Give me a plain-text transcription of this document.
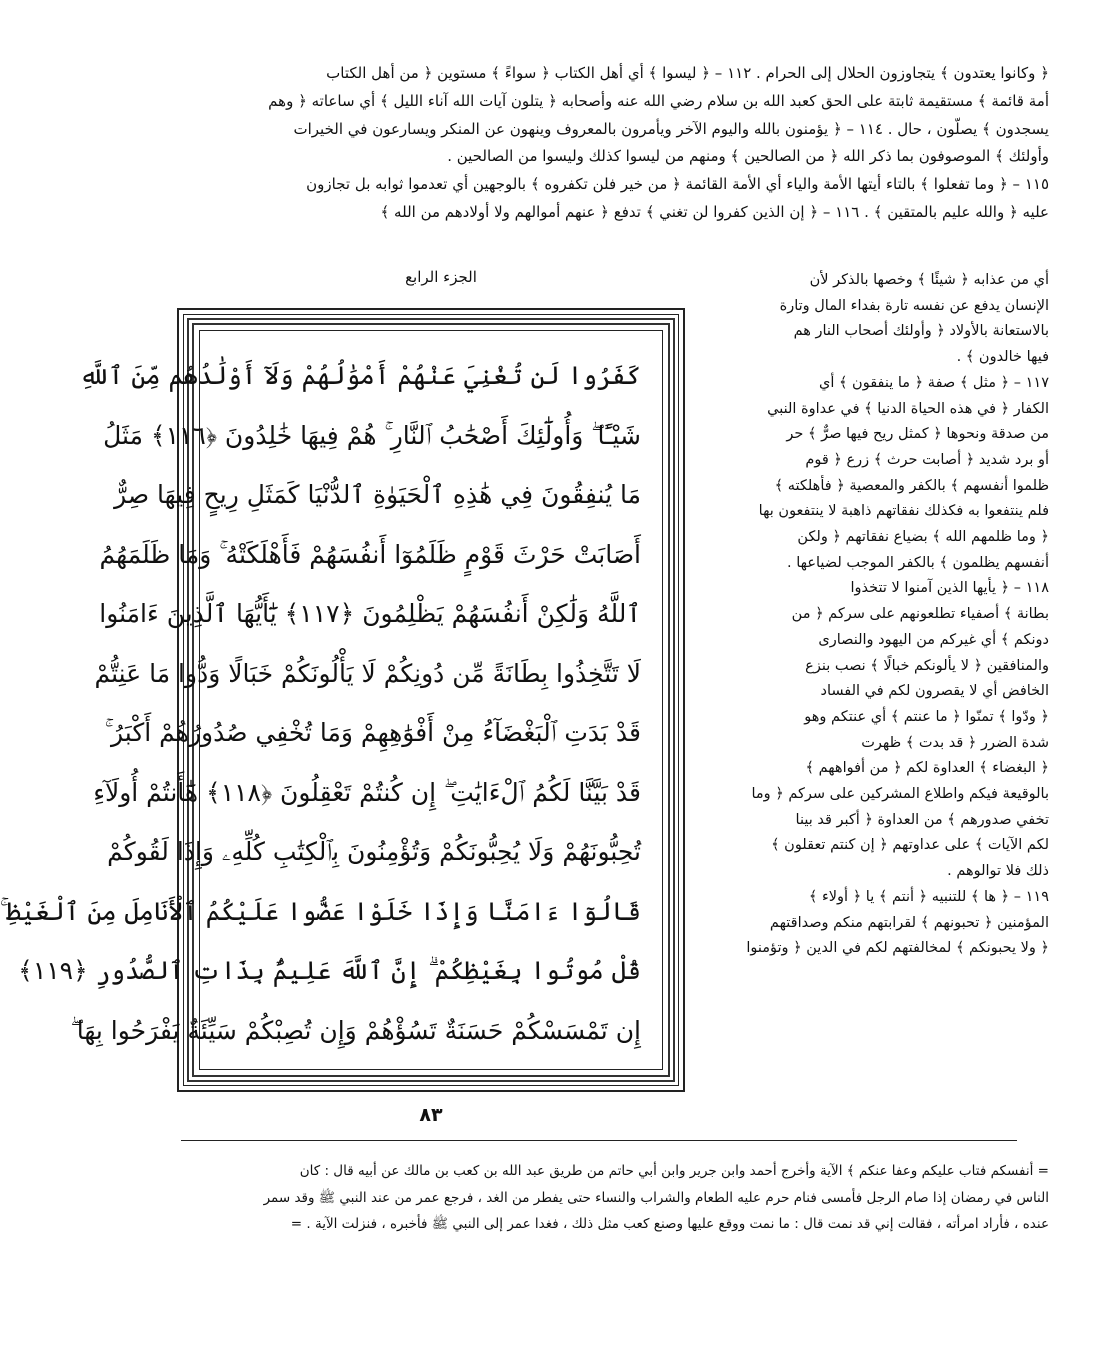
﴿ وكانوا يعتدون ﴾ يتجاوزون الحلال إلى الحرام . ١١٢ – ﴿ ليسوا ﴾ أي أهل الكتاب ﴿ سواءً ﴾ مستوين ﴿ من أهل الكتاب

أمة قائمة ﴾ مستقيمة ثابتة على الحق كعبد الله بن سلام رضي الله عنه وأصحابه ﴿ يتلون آيات الله آناء الليل ﴾ أي ساعاته ﴿ وهم

يسجدون ﴾ يصلّون ، حال . ١١٤ – ﴿ يؤمنون بالله واليوم الآخر ويأمرون بالمعروف وينهون عن المنكر ويسارعون في الخيرات

وأولئك ﴾ الموصوفون بما ذكر الله ﴿ من الصالحين ﴾ ومنهم من ليسوا كذلك وليسوا من الصالحين .

١١٥ – ﴿ وما تفعلوا ﴾ بالتاء أيتها الأمة والياء أي الأمة القائمة ﴿ من خير فلن تكفروه ﴾ بالوجهين أي تعدموا ثوابه بل تجازون

عليه ﴿ والله عليم بالمتقين ﴾ . ١١٦ – ﴿ إن الذين كفروا لن تغني ﴾ تدفع ﴿ عنهم أموالهم ولا أولادهم من الله ﴾

الجزء الرابع
كَفَرُوا لَن تُغْنِيَ عَنْهُمْ أَمْوَٰلُهُمْ وَلَآ أَوْلَٰدُهُم مِّنَ ٱللَّهِ
شَيْـًٔا ۖ وَأُولَٰٓئِكَ أَصْحَٰبُ ٱلنَّارِ ۚ هُمْ فِيهَا خَٰلِدُونَ ﴿١١٦﴾ مَثَلُ
مَا يُنفِقُونَ فِي هَٰذِهِ ٱلْحَيَوٰةِ ٱلدُّنْيَا كَمَثَلِ رِيحٍ فِيهَا صِرٌّ
أَصَابَتْ حَرْثَ قَوْمٍ ظَلَمُوٓا أَنفُسَهُمْ فَأَهْلَكَتْهُ ۚ وَمَا ظَلَمَهُمُ
ٱللَّهُ وَلَٰكِنْ أَنفُسَهُمْ يَظْلِمُونَ ﴿١١٧﴾ يَٰٓأَيُّهَا ٱلَّذِينَ ءَامَنُوا
لَا تَتَّخِذُوا بِطَانَةً مِّن دُونِكُمْ لَا يَأْلُونَكُمْ خَبَالًا وَدُّوا مَا عَنِتُّمْ
قَدْ بَدَتِ ٱلْبَغْضَآءُ مِنْ أَفْوَٰهِهِمْ وَمَا تُخْفِي صُدُورُهُمْ أَكْبَرُ ۚ
قَدْ بَيَّنَّا لَكُمُ ٱلْءَايَٰتِ ۖ إِن كُنتُمْ تَعْقِلُونَ ﴿١١٨﴾ هَٰٓأَنتُمْ أُولَآءِ
تُحِبُّونَهُمْ وَلَا يُحِبُّونَكُمْ وَتُؤْمِنُونَ بِٱلْكِتَٰبِ كُلِّهِۦ وَإِذَا لَقُوكُمْ
قَالُوٓا ءَامَنَّا وَإِذَا خَلَوْا عَضُّوا عَلَيْكُمُ ٱلْأَنَامِلَ مِنَ ٱلْغَيْظِ ۚ
قُلْ مُوتُوا بِغَيْظِكُمْ ۗ إِنَّ ٱللَّهَ عَلِيمٌۢ بِذَاتِ ٱلصُّدُورِ ﴿١١٩﴾
إِن تَمْسَسْكُمْ حَسَنَةٌ تَسُؤْهُمْ وَإِن تُصِبْكُمْ سَيِّئَةٌ يَفْرَحُوا بِهَا ۖ

أي من عذابه ﴿ شيئًا ﴾ وخصها بالذكر لأن

الإنسان يدفع عن نفسه تارة بفداء المال وتارة

بالاستعانة بالأولاد ﴿ وأولئك أصحاب النار هم

فيها خالدون ﴾ .

١١٧ – ﴿ مثل ﴾ صفة ﴿ ما ينفقون ﴾ أي

الكفار ﴿ في هذه الحياة الدنيا ﴾ في عداوة النبي

من صدقة ونحوها ﴿ كمثل ريح فيها صرٌّ ﴾ حر

أو برد شديد ﴿ أصابت حرث ﴾ زرع ﴿ قوم

ظلموا أنفسهم ﴾ بالكفر والمعصية ﴿ فأهلكته ﴾

فلم ينتفعوا به فكذلك نفقاتهم ذاهبة لا ينتفعون بها

﴿ وما ظلمهم الله ﴾ بضياع نفقاتهم ﴿ ولكن

أنفسهم يظلمون ﴾ بالكفر الموجب لضياعها .

١١٨ – ﴿ يأيها الذين آمنوا لا تتخذوا

بطانة ﴾ أصفياء تطلعونهم على سركم ﴿ من

دونكم ﴾ أي غيركم من اليهود والنصارى

والمنافقين ﴿ لا يألونكم خبالًا ﴾ نصب بنزع

الخافض أي لا يقصرون لكم في الفساد

﴿ ودّوا ﴾ تمنّوا ﴿ ما عنتم ﴾ أي عنتكم وهو

شدة الضرر ﴿ قد بدت ﴾ ظهرت

﴿ البغضاء ﴾ العداوة لكم ﴿ من أفواههم ﴾

بالوقيعة فيكم واطلاع المشركين على سركم ﴿ وما

تخفي صدورهم ﴾ من العداوة ﴿ أكبر قد بينا

لكم الآيات ﴾ على عداوتهم ﴿ إن كنتم تعقلون ﴾

ذلك فلا توالوهم .

١١٩ – ﴿ ها ﴾ للتنبيه ﴿ أنتم ﴾ يا ﴿ أولاء ﴾

المؤمنين ﴿ تحبونهم ﴾ لقرابتهم منكم وصداقتهم

﴿ ولا يحبونكم ﴾ لمخالفتهم لكم في الدين ﴿ وتؤمنوا

٨٣

= أنفسكم فتاب عليكم وعفا عنكم ﴾ الآية وأخرج أحمد وابن جرير وابن أبي حاتم من طريق عبد الله بن كعب بن مالك عن أبيه قال : كان

الناس في رمضان إذا صام الرجل فأمسى فنام حرم عليه الطعام والشراب والنساء حتى يفطر من الغد ، فرجع عمر من عند النبي ﷺ وقد سمر

عنده ، فأراد امرأته ، فقالت إني قد نمت قال : ما نمت ووقع عليها وصنع كعب مثل ذلك ، فغدا عمر إلى النبي ﷺ فأخبره ، فنزلت الآية . =
